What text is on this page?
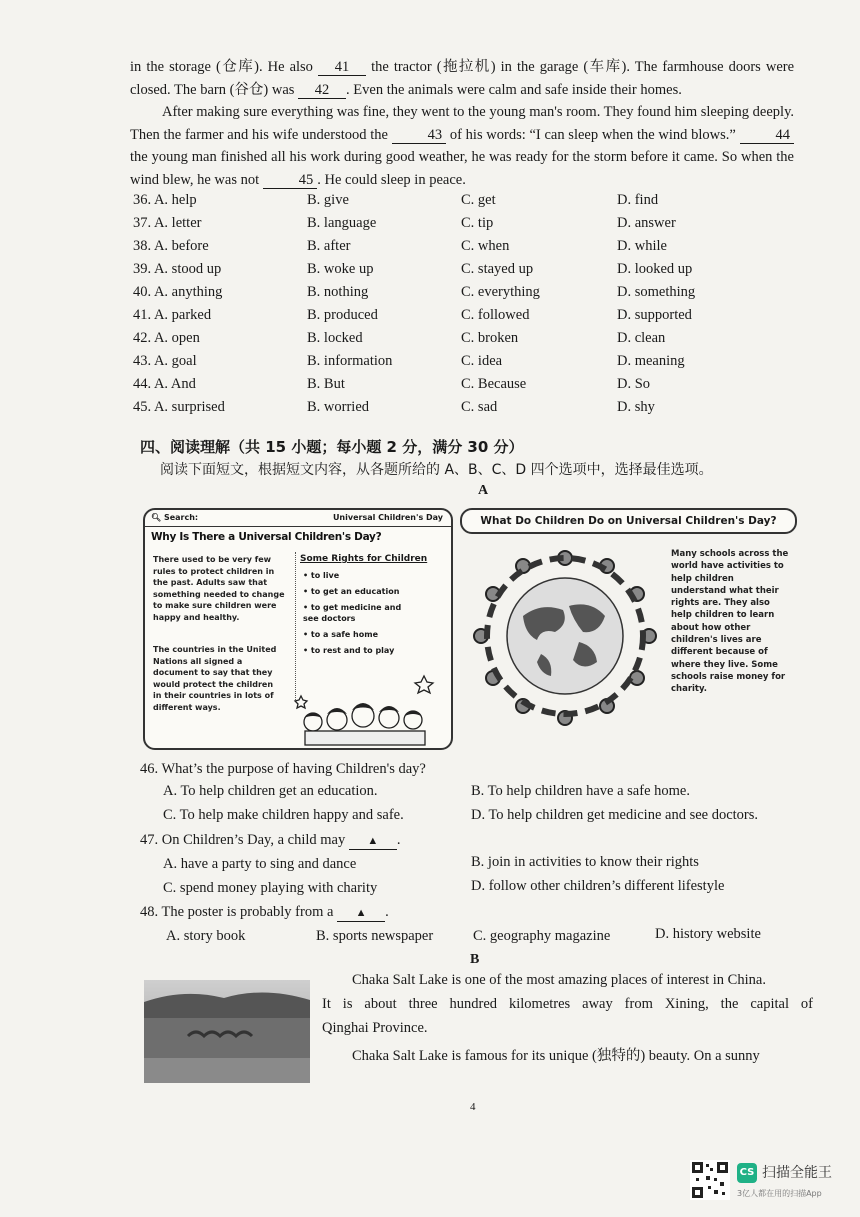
in the storage (仓库). He also 41 the tractor (拖拉机) in the garage (车库). The farmhouse doors were closed. The barn (谷仓) was 42 . Even the animals were calm and safe inside their homes.
After making sure everything was fine, they went to the young man's room. They found him sleeping deeply. Then the farmer and his wife understood the	43 of his words: “I can sleep when the wind blows.”	44the young man finished all his work during good weather, he was ready for the storm before it came. So when the wind blew, he was not	45 . He could sleep in peace.
36. A. help	B. give	C. get	D. find
37. A. letter	B. language	C. tip	D. answer
38. A. before	B. after	C. when	D. while
39. A. stood up	B. woke up	C. stayed up	D. looked up
40. A. anything	B. nothing	C. everything	D. something
41. A. parked	B. produced	C. followed	D. supported
42. A. open	B. locked	C. broken	D. clean
43. A. goal	B. information	C. idea	D. meaning
44. A. And	B. But	C. Because	D. So
45. A. surprised	B. worried	C. sad	D. shy
四、阅读理解（共 15 小题；每小题 2 分，满分 30 分）
阅读下面短文，根据短文内容，从各题所给的 A、B、C、D 四个选项中，选择最佳选项。
A
🔍︎ Search:	Universal Children's Day
Why Is There a Universal Children's Day?
There used to be very few rules to protect children in the past. Adults saw that something needed to change to make sure children were happy and healthy.
The countries in the United Nations all signed a document to say that they would protect the children in their countries in lots of different ways.
Some Rights for Children
• to live
• to get an education
• to get medicine and see doctors
• to a safe home
• to rest and to play
What Do Children Do on Universal Children's Day?
Many schools across the world have activities to help children understand what their rights are. They also help children to learn about how other children's lives are different because of where they live. Some schools raise money for charity.
46. What’s the purpose of having Children's day?
A. To help children get an education.	B. To help children have a safe home.
C. To help make children happy and safe.	D. To help children get medicine and see doctors.
47. On Children’s Day, a child may ▲ .
A. have a party to sing and dance	B. join in activities to know their rights
C. spend money playing with charity	D. follow other children’s different lifestyle
48. The poster is probably from a ▲ .
A. story book	B. sports newspaper	C. geography magazine	D. history website
B
Chaka Salt Lake is one of the most amazing places of interest in China.
It is about three hundred kilometres away from Xining, the capital of
Qinghai Province.
Chaka Salt Lake is famous for its unique (独特的) beauty. On a sunny
4
CS 扫描全能王
3亿人都在用的扫描App
